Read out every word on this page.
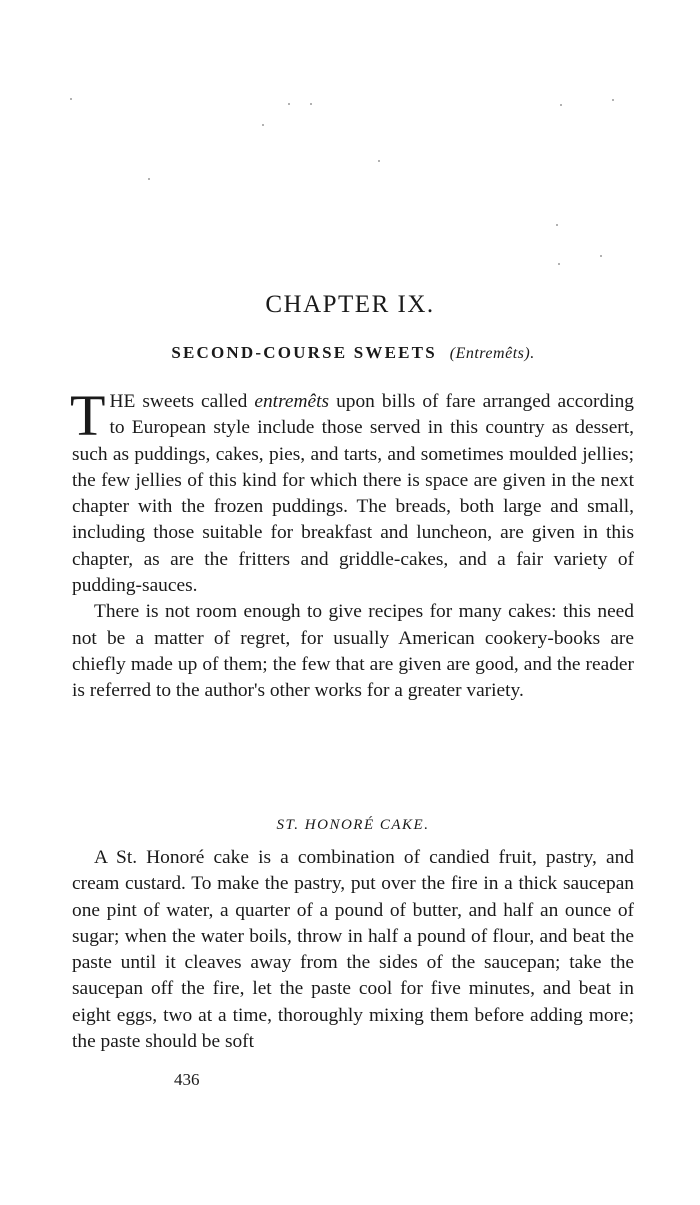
CHAPTER IX.
SECOND-COURSE SWEETS (Entremêts).

THE sweets called entremêts upon bills of fare arranged according to European style include those served in this country as dessert, such as puddings, cakes, pies, and tarts, and sometimes moulded jellies; the few jellies of this kind for which there is space are given in the next chapter with the frozen puddings. The breads, both large and small, including those suitable for breakfast and luncheon, are given in this chapter, as are the fritters and griddle-cakes, and a fair variety of pudding-sauces.

There is not room enough to give recipes for many cakes: this need not be a matter of regret, for usually American cookery-books are chiefly made up of them; the few that are given are good, and the reader is referred to the author's other works for a greater variety.

ST. HONORÉ CAKE.

A St. Honoré cake is a combination of candied fruit, pastry, and cream custard. To make the pastry, put over the fire in a thick saucepan one pint of water, a quarter of a pound of butter, and half an ounce of sugar; when the water boils, throw in half a pound of flour, and beat the paste until it cleaves away from the sides of the saucepan; take the saucepan off the fire, let the paste cool for five minutes, and beat in eight eggs, two at a time, thoroughly mixing them before adding more; the paste should be soft

436
